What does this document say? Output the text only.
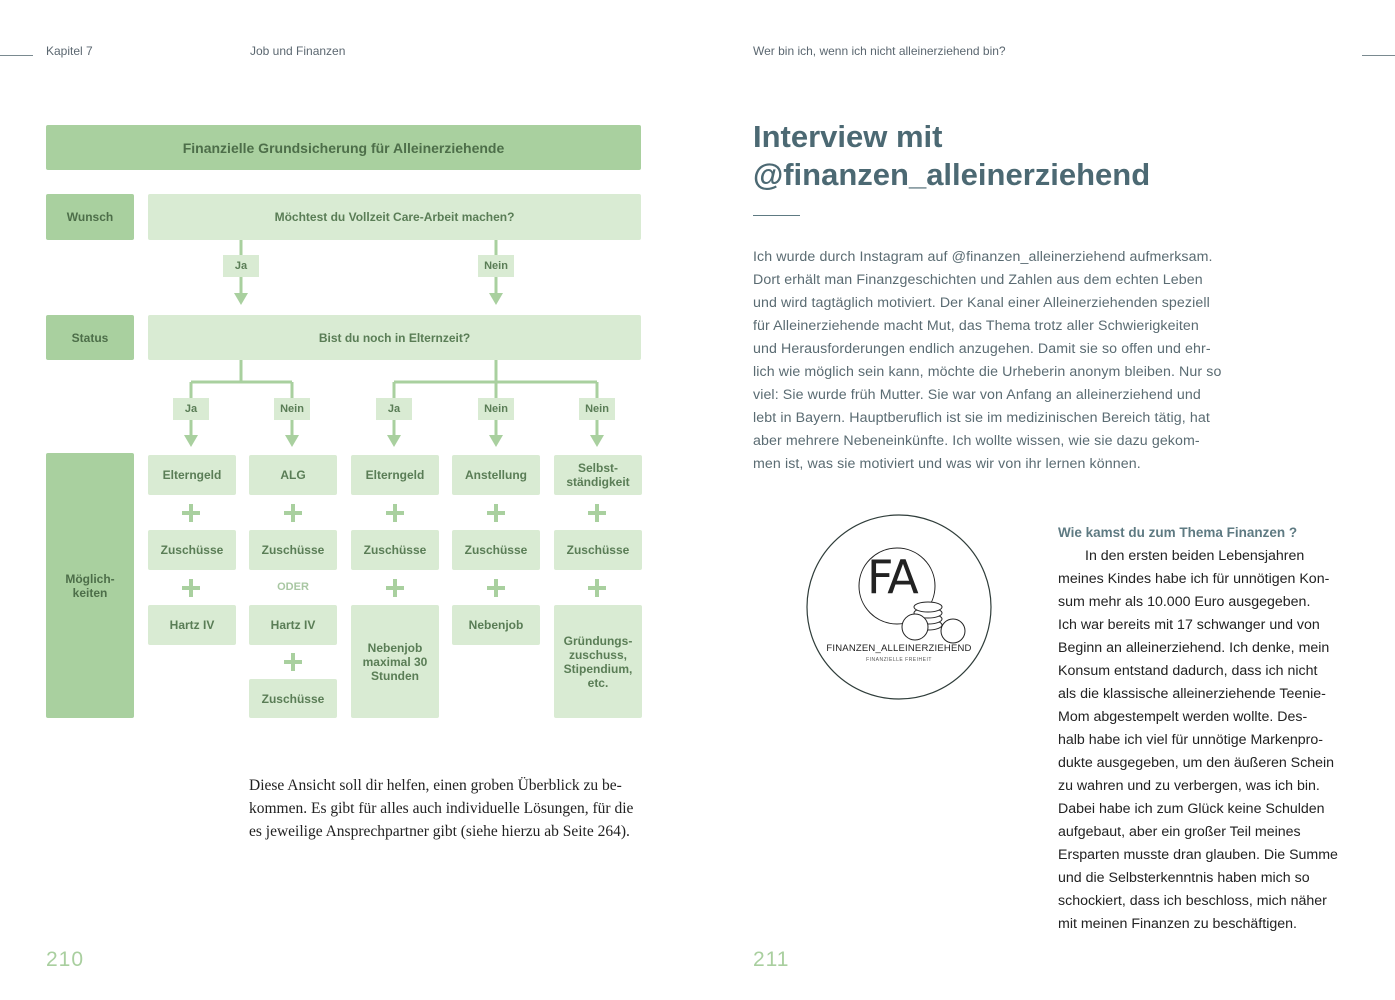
Kapitel 7	Job und Finanzen
Finanzielle Grundsicherung für Alleinerziehende
Wunsch	Möchtest du Vollzeit Care-Arbeit machen?
Ja	Nein
Status	Bist du noch in Elternzeit?
Ja	Nein	Ja	Nein	Nein
Möglich-
keiten
Elterngeld
Zuschüsse
Hartz IV
ALG
Zuschüsse
ODER
Hartz IV
Zuschüsse
Elterngeld
Zuschüsse
Nebenjob
maximal 30
Stunden
Anstellung
Zuschüsse
Nebenjob
Selbst-
ständigkeit
Zuschüsse
Gründungs-
zuschuss,
Stipendium,
etc.
Diese Ansicht soll dir helfen, einen groben Überblick zu be-
kommen. Es gibt für alles auch individuelle Lösungen, für die
es jeweilige Ansprechpartner gibt (siehe hierzu ab Seite 264).
210
Wer bin ich, wenn ich nicht alleinerziehend bin?
Interview mit
@finanzen_alleinerziehend
Ich wurde durch Instagram auf @finanzen_alleinerziehend aufmerksam.
Dort erhält man Finanzgeschichten und Zahlen aus dem echten Leben
und wird tagtäglich motiviert. Der Kanal einer Alleinerziehenden speziell
für Alleinerziehende macht Mut, das Thema trotz aller Schwierigkeiten
und Herausforderungen endlich anzugehen. Damit sie so offen und ehr-
lich wie möglich sein kann, möchte die Urheberin anonym bleiben. Nur so
viel: Sie wurde früh Mutter. Sie war von Anfang an alleinerziehend und
lebt in Bayern. Hauptberuflich ist sie im medizinischen Bereich tätig, hat
aber mehrere Nebeneinkünfte. Ich wollte wissen, wie sie dazu gekom-
men ist, was sie motiviert und was wir von ihr lernen können.
FA
FINANZEN_ALLEINERZIEHEND
FINANZIELLE FREIHEIT
Wie kamst du zum Thema Finanzen ?
In den ersten beiden Lebensjahren
meines Kindes habe ich für unnötigen Kon-
sum mehr als 10.000 Euro ausgegeben.
Ich war bereits mit 17 schwanger und von
Beginn an alleinerziehend. Ich denke, mein
Konsum entstand dadurch, dass ich nicht
als die klassische alleinerziehende Teenie-
Mom abgestempelt werden wollte. Des-
halb habe ich viel für unnötige Markenpro-
dukte ausgegeben, um den äußeren Schein
zu wahren und zu verbergen, was ich bin.
Dabei habe ich zum Glück keine Schulden
aufgebaut, aber ein großer Teil meines
Ersparten musste dran glauben. Die Summe
und die Selbsterkenntnis haben mich so
schockiert, dass ich beschloss, mich näher
mit meinen Finanzen zu beschäftigen.
211
